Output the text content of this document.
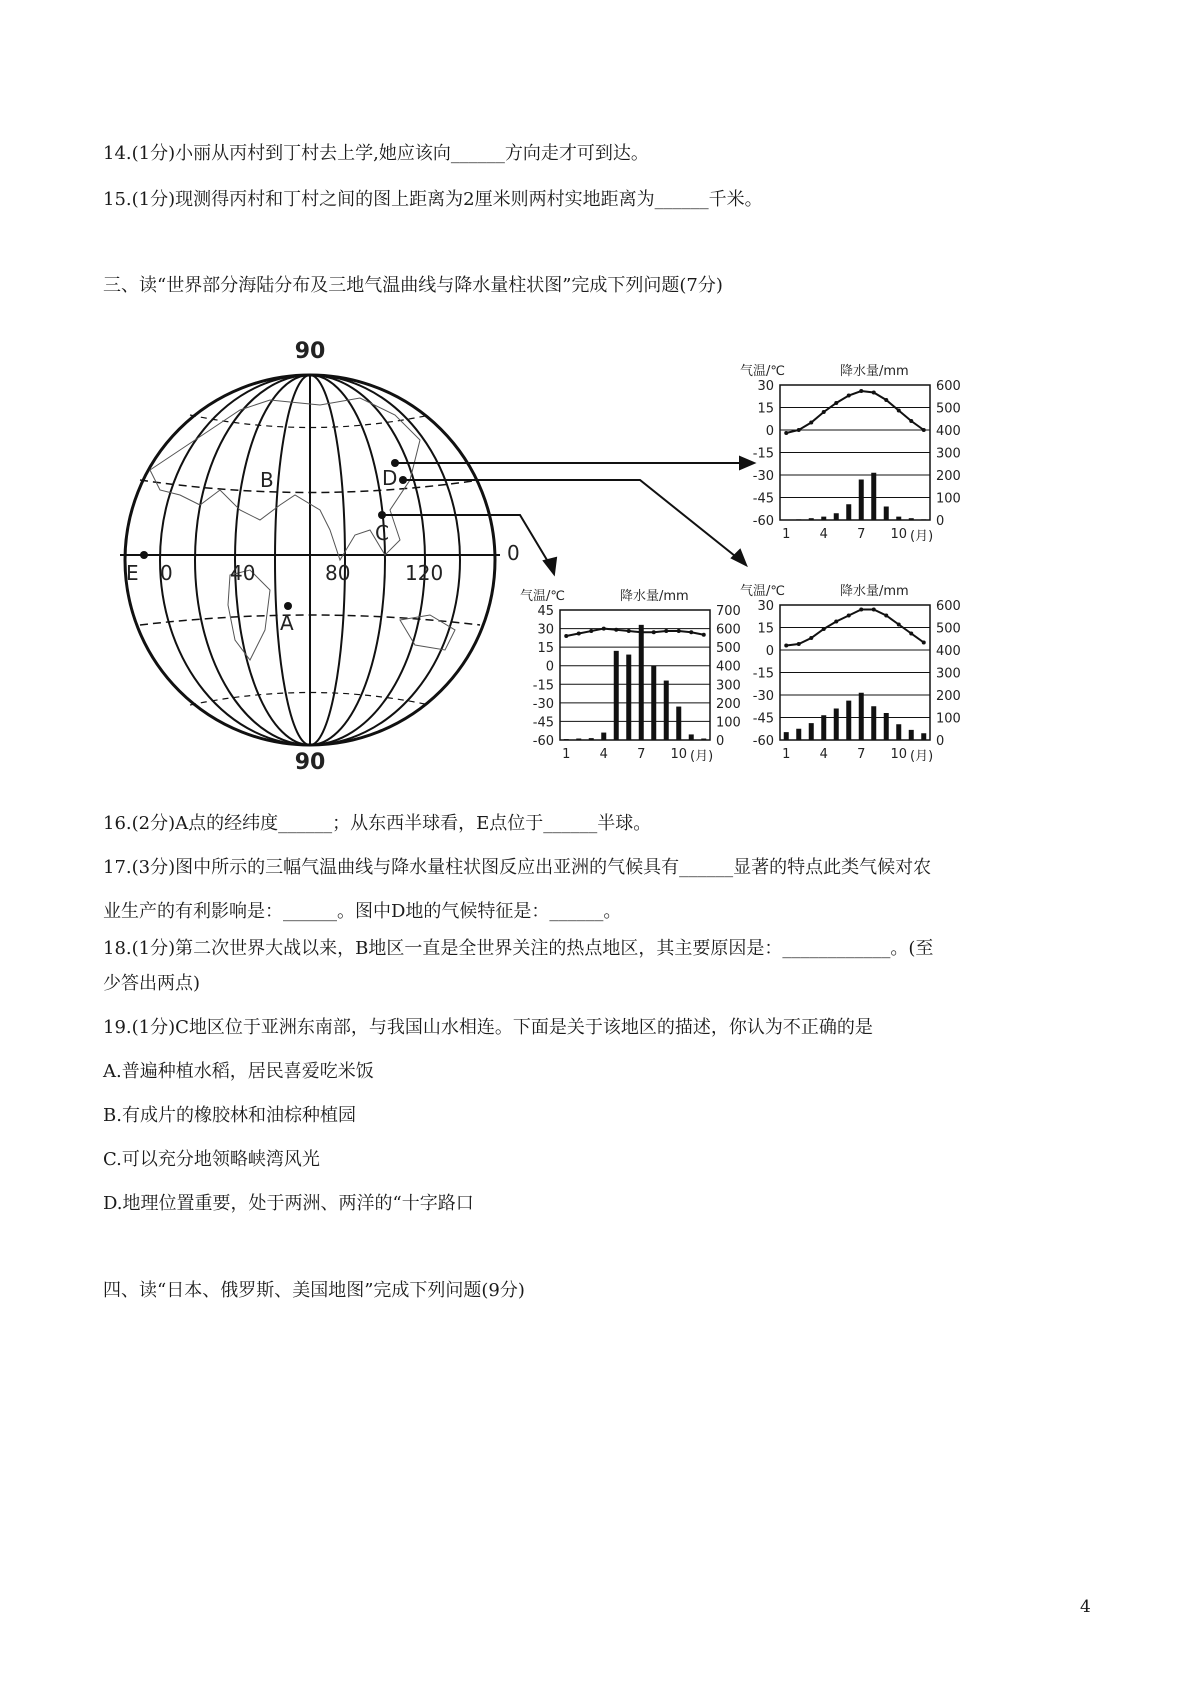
14.(1分)小丽从丙村到丁村去上学,她应该向______方向走才可到达。
15.(1分)现测得丙村和丁村之间的图上距离为2厘米则两村实地距离为______千米。
三、读“世界部分海陆分布及三地气温曲线与降水量柱状图”完成下列问题(7分)
90
90
0	40	80	120
0
A
B
C
D
E
气温/℃	降水量/mm
30	600
15	500
0	400
-15	300
-30	200
-45	100
-60	0
1 4 7 10 (月)
气温/℃	降水量/mm
45	700
30	600
15	500
0	400
-15	300
-30	200
-45	100
-60	0
1 4 7 10 (月)
气温/℃	降水量/mm
30	600
15	500
0	400
-15	300
-30	200
-45	100
-60	0
1 4 7 10 (月)
16.(2分)A点的经纬度______；从东西半球看，E点位于______半球。
17.(3分)图中所示的三幅气温曲线与降水量柱状图反应出亚洲的气候具有______显著的特点此类气候对农
业生产的有利影响是：______。图中D地的气候特征是：______。
18.(1分)第二次世界大战以来，B地区一直是全世界关注的热点地区，其主要原因是：____________。(至
少答出两点)
19.(1分)C地区位于亚洲东南部，与我国山水相连。下面是关于该地区的描述，你认为不正确的是
A.普遍种植水稻，居民喜爱吃米饭
B.有成片的橡胶林和油棕种植园
C.可以充分地领略峡湾风光
D.地理位置重要，处于两洲、两洋的“十字路口
四、读“日本、俄罗斯、美国地图”完成下列问题(9分)
4
